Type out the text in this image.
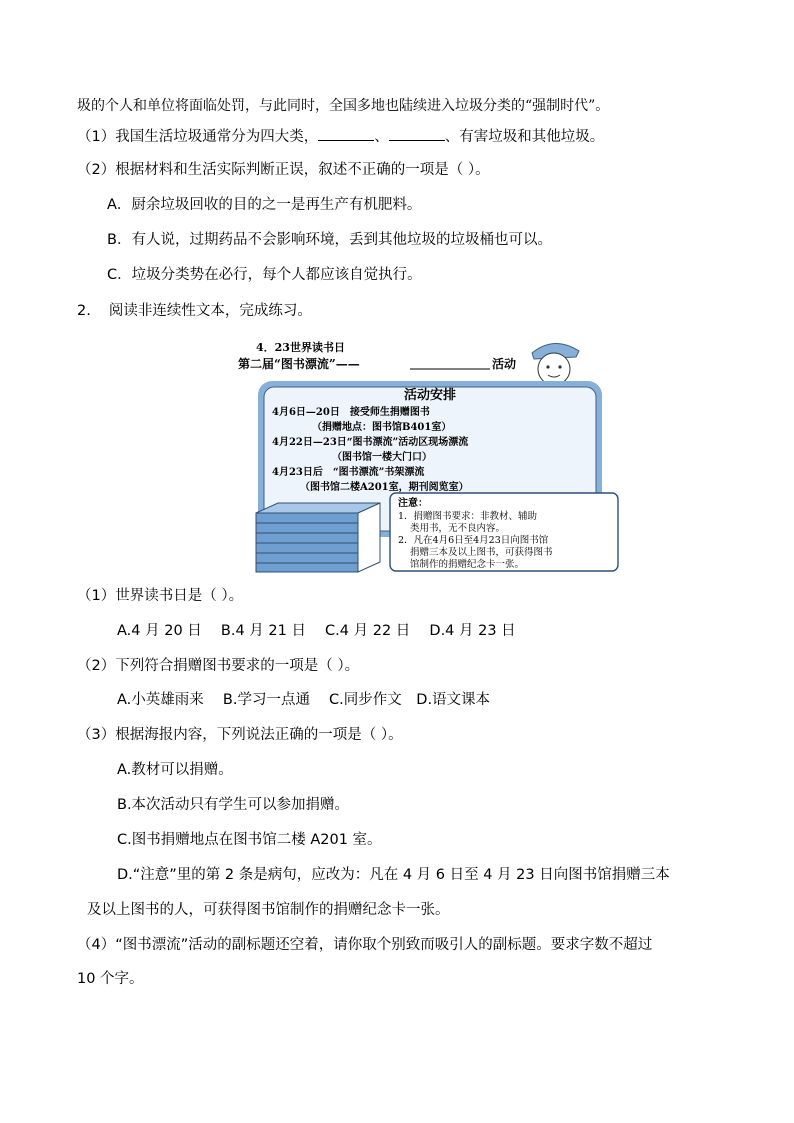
圾的个人和单位将面临处罚，与此同时，全国多地也陆续进入垃圾分类的“强制时代”。
（1）我国生活垃圾通常分为四大类，	、	、有害垃圾和其他垃圾。
（2）根据材料和生活实际判断正误，叙述不正确的一项是（ ）。
A．厨余垃圾回收的目的之一是再生产有机肥料。
B．有人说，过期药品不会影响环境，丢到其他垃圾的垃圾桶也可以。
C．垃圾分类势在必行，每个人都应该自觉执行。
2. 阅读非连续性文本，完成练习。
4．23世界读书日
第二届“图书漂流”——	活动
活动安排
4月6日—20日　接受师生捐赠图书
（捐赠地点：图书馆B401室）
4月22日—23日“图书漂流”活动区现场漂流
（图书馆一楼大门口）
4月23日后　“图书漂流”书架漂流
（图书馆二楼A201室，期刊阅览室）
注意：
1．捐赠图书要求：非教材、辅助
类用书，无不良内容。
2．凡在4月6日至4月23日向图书馆
捐赠三本及以上图书，可获得图书
馆制作的捐赠纪念卡一张。
（1）世界读书日是（ ）。
A.4 月 20 日　 B.4 月 21 日　 C.4 月 22 日　 D.4 月 23 日
（2）下列符合捐赠图书要求的一项是（ ）。
A.小英雄雨来　 B.学习一点通　 C.同步作文　D.语文课本
（3）根据海报内容，下列说法正确的一项是（ ）。
A.教材可以捐赠。
B.本次活动只有学生可以参加捐赠。
C.图书捐赠地点在图书馆二楼 A201 室。
D.“注意”里的第 2 条是病句，应改为：凡在 4 月 6 日至 4 月 23 日向图书馆捐赠三本
及以上图书的人，可获得图书馆制作的捐赠纪念卡一张。
（4）“图书漂流”活动的副标题还空着，请你取个别致而吸引人的副标题。要求字数不超过
10 个字。
